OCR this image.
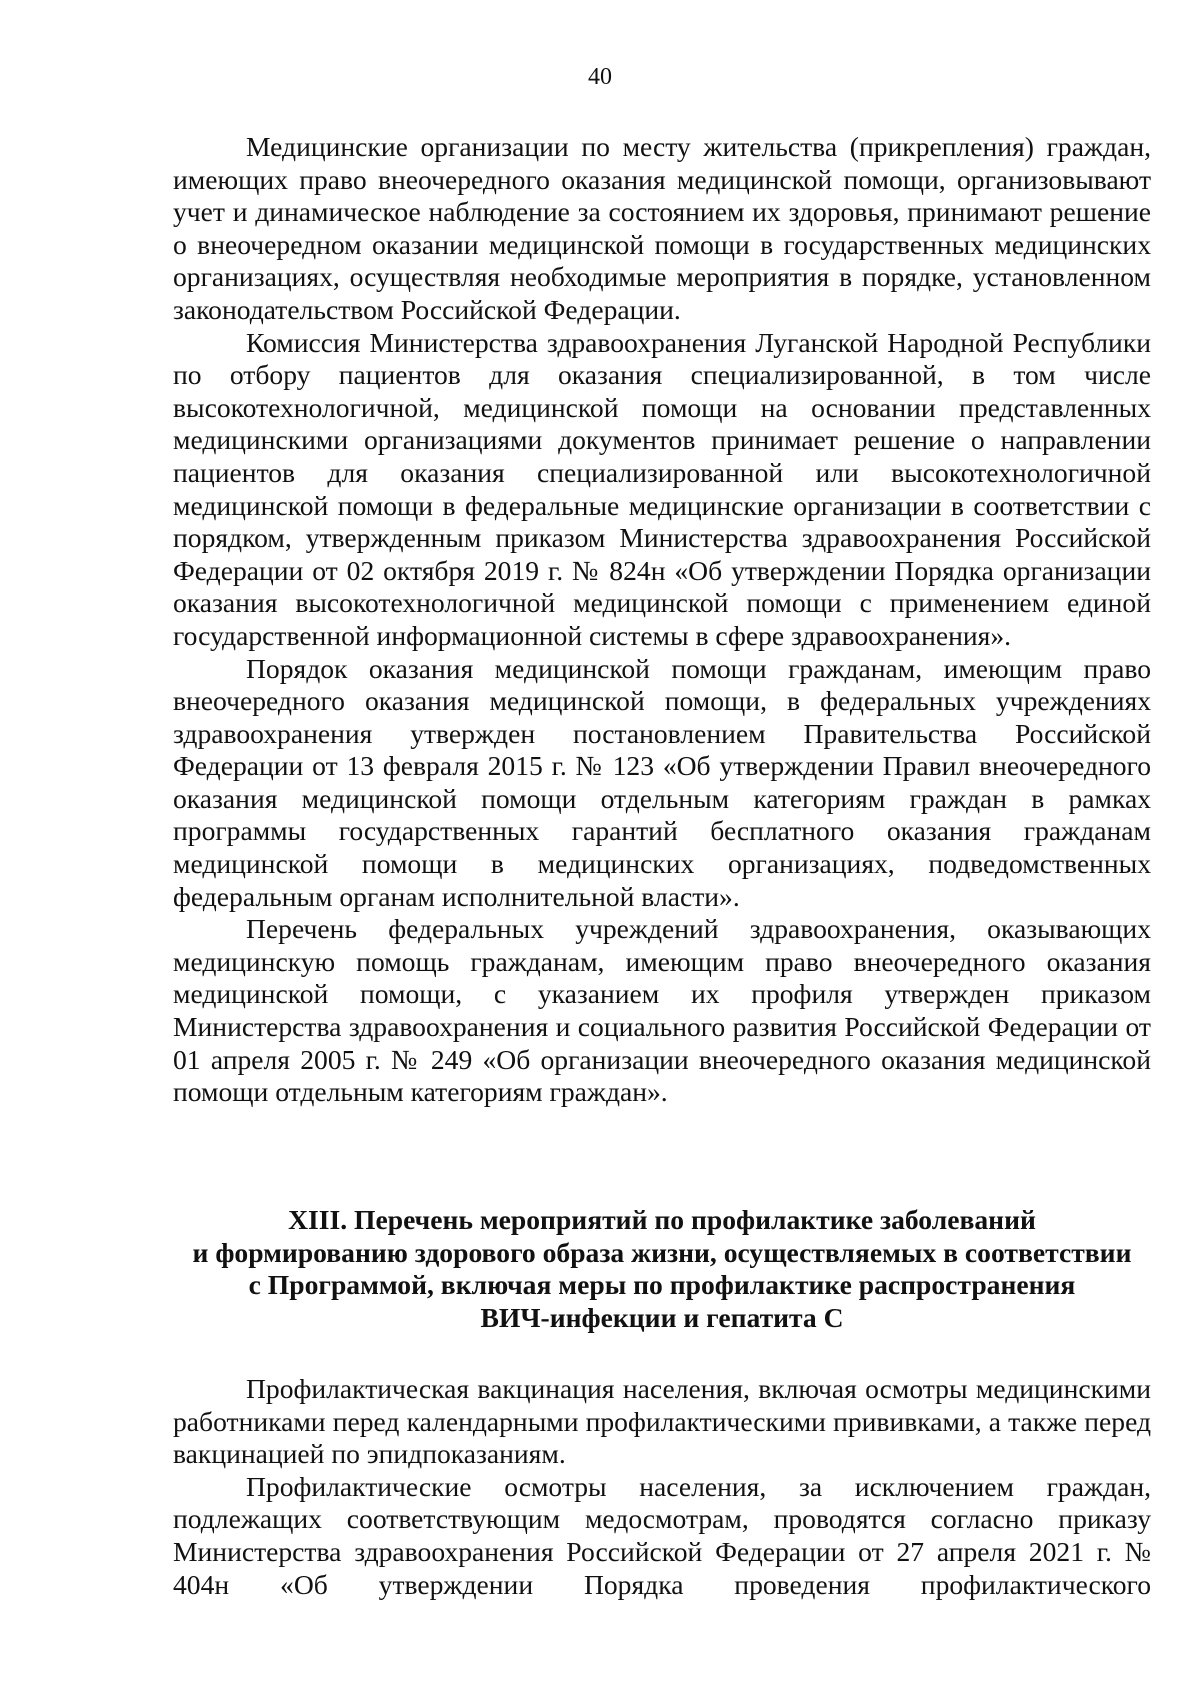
40

Медицинские организации по месту жительства (прикрепления) граждан, имеющих право внеочередного оказания медицинской помощи, организовывают учет и динамическое наблюдение за состоянием их здоровья, принимают решение о внеочередном оказании медицинской помощи в государственных медицинских организациях, осуществляя необходимые мероприятия в порядке, установленном законодательством Российской Федерации.

Комиссия Министерства здравоохранения Луганской Народной Республики по отбору пациентов для оказания специализированной, в том числе высокотехнологичной, медицинской помощи на основании представленных медицинскими организациями документов принимает решение о направлении пациентов для оказания специализированной или высокотехнологичной медицинской помощи в федеральные медицинские организации в соответствии с порядком, утвержденным приказом Министерства здравоохранения Российской Федерации от 02 октября 2019 г. № 824н «Об утверждении Порядка организации оказания высокотехнологичной медицинской помощи с применением единой государственной информационной системы в сфере здравоохранения».

Порядок оказания медицинской помощи гражданам, имеющим право внеочередного оказания медицинской помощи, в федеральных учреждениях здравоохранения утвержден постановлением Правительства Российской Федерации от 13 февраля 2015 г. № 123 «Об утверждении Правил внеочередного оказания медицинской помощи отдельным категориям граждан в рамках программы государственных гарантий бесплатного оказания гражданам медицинской помощи в медицинских организациях, подведомственных федеральным органам исполнительной власти».

Перечень федеральных учреждений здравоохранения, оказывающих медицинскую помощь гражданам, имеющим право внеочередного оказания медицинской помощи, с указанием их профиля утвержден приказом Министерства здравоохранения и социального развития Российской Федерации от 01 апреля 2005 г. № 249 «Об организации внеочередного оказания медицинской помощи отдельным категориям граждан».

XIII. Перечень мероприятий по профилактике заболеваний
и формированию здорового образа жизни, осуществляемых в соответствии
с Программой, включая меры по профилактике распространения
ВИЧ-инфекции и гепатита С

Профилактическая вакцинация населения, включая осмотры медицинскими работниками перед календарными профилактическими прививками, а также перед вакцинацией по эпидпоказаниям.

Профилактические осмотры населения, за исключением граждан, подлежащих соответствующим медосмотрам, проводятся согласно приказу Министерства здравоохранения Российской Федерации от 27 апреля 2021 г. № 404н «Об утверждении Порядка проведения профилактического
